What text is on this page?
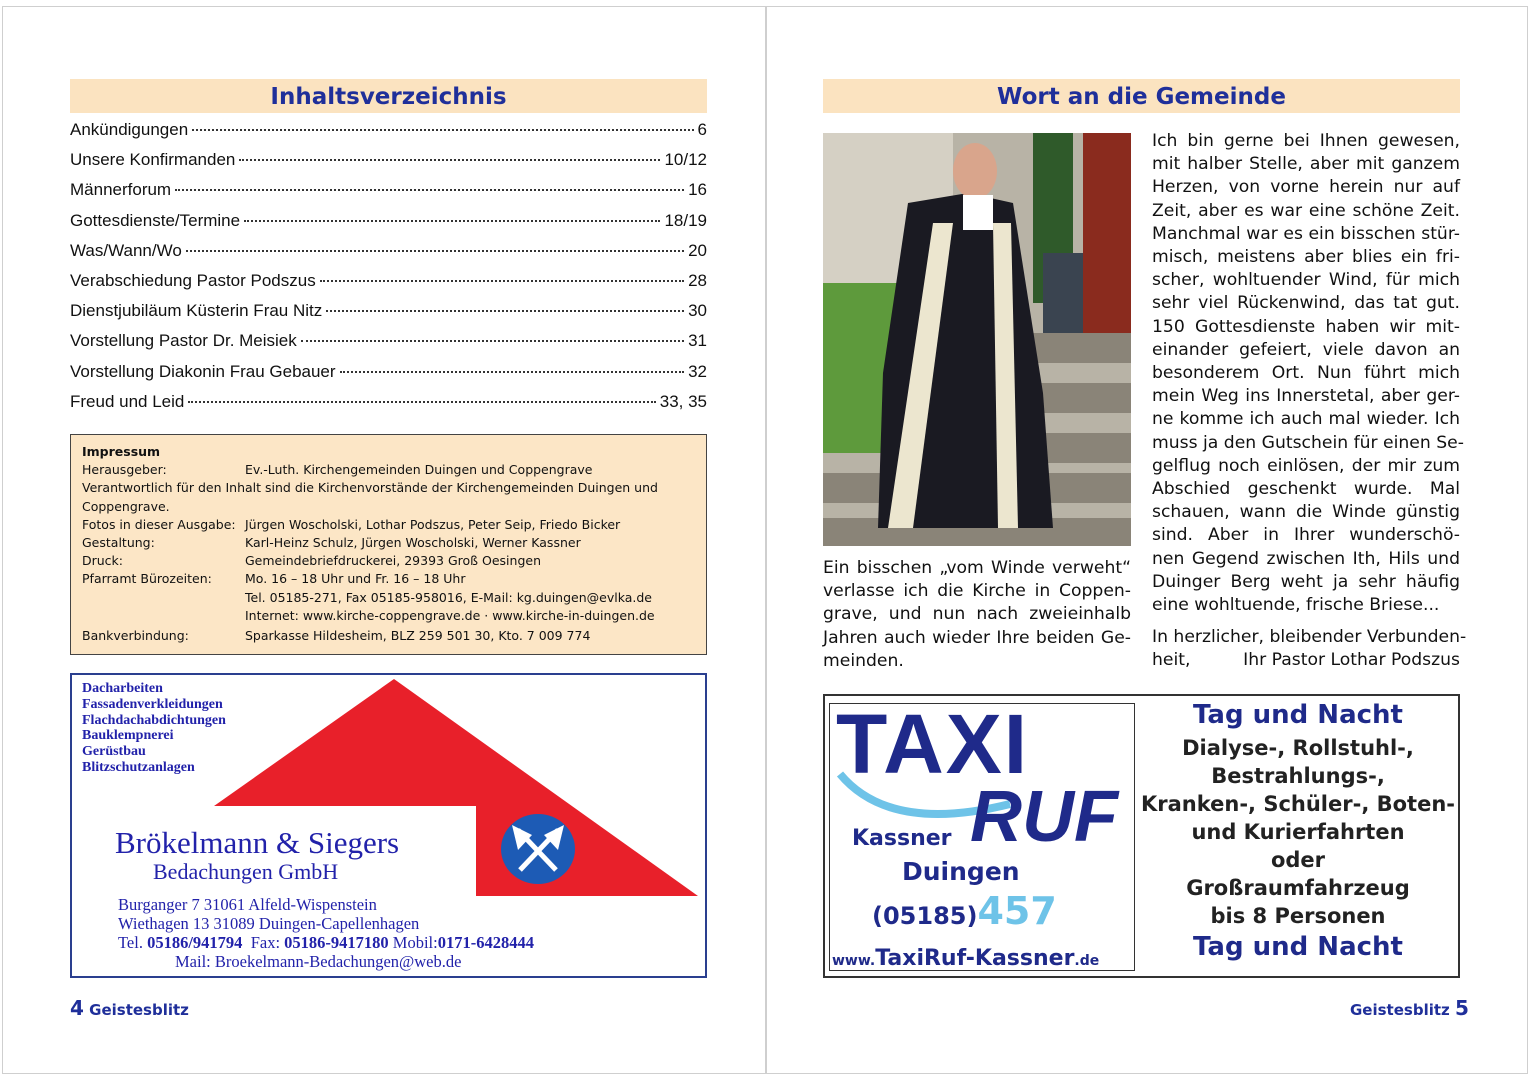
Inhaltsverzeichnis
Ankündigungen	6
Unsere Konfirmanden	10/12
Männerforum	16
Gottesdienste/Termine	18/19
Was/Wann/Wo	20
Verabschiedung Pastor Podszus	28
Dienstjubiläum Küsterin Frau Nitz	30
Vorstellung Pastor Dr. Meisiek	31
Vorstellung Diakonin Frau Gebauer	32
Freud und Leid	33, 35
Impressum
Herausgeber:	Ev.-Luth. Kirchengemeinden Duingen und Coppengrave
Verantwortlich für den Inhalt sind die Kirchenvorstände der Kirchengemeinden Duingen und
Coppengrave.
Fotos in dieser Ausgabe: Jürgen Woscholski, Lothar Podszus, Peter Seip, Friedo Bicker
Gestaltung:	Karl-Heinz Schulz, Jürgen Woscholski, Werner Kassner
Druck:	Gemeindebriefdruckerei, 29393 Groß Oesingen
Pfarramt Bürozeiten:	Mo. 16 – 18 Uhr und Fr. 16 – 18 Uhr
Tel. 05185-271, Fax 05185-958016, E-Mail: kg.duingen@evlka.de
Internet: www.kirche-coppengrave.de · www.kirche-in-duingen.de
Bankverbindung:	Sparkasse Hildesheim, BLZ 259 501 30, Kto. 7 009 774
Dacharbeiten
Fassadenverkleidungen
Flachdachabdichtungen
Bauklempnerei
Gerüstbau
Blitzschutzanlagen
Brökelmann & Siegers
Bedachungen GmbH
Burganger 7 31061 Alfeld-Wispenstein
Wiethagen 13 31089 Duingen-Capellenhagen
Tel. 05186/941794 Fax: 05186-9417180 Mobil:0171-6428444
Mail: Broekelmann-Bedachungen@web.de
4 Geistesblitz
Wort an die Gemeinde
Ich bin gerne bei Ihnen gewesen,
mit halber Stelle, aber mit ganzem
Herzen, von vorne herein nur auf
Zeit, aber es war eine schöne Zeit.
Manchmal war es ein bisschen stür-
misch, meistens aber blies ein fri-
scher, wohltuender Wind, für mich
sehr viel Rückenwind, das tat gut.
150 Gottesdienste haben wir mit-
einander gefeiert, viele davon an
besonderem Ort. Nun führt mich
mein Weg ins Innerstetal, aber ger-
ne komme ich auch mal wieder. Ich
muss ja den Gutschein für einen Se-
gelflug noch einlösen, der mir zum
Abschied geschenkt wurde. Mal
schauen, wann die Winde günstig
sind. Aber in Ihrer wunderschö-
nen Gegend zwischen Ith, Hils und
Duinger Berg weht ja sehr häufig
eine wohltuende, frische Briese...
In herzlicher, bleibender Verbunden-
heit,	Ihr Pastor Lothar Podszus
Ein bisschen „vom Winde verweht“
verlasse ich die Kirche in Coppen-
grave, und nun nach zweieinhalb
Jahren auch wieder Ihre beiden Ge-
meinden.
TAXI
RUF
Kassner
Duingen
(05185)457
www.TaxiRuf-Kassner.de
Tag und Nacht
Dialyse-, Rollstuhl-,
Bestrahlungs-,
Kranken-, Schüler-, Boten-
und Kurierfahrten
oder
Großraumfahrzeug
bis 8 Personen
Tag und Nacht
Geistesblitz 5
